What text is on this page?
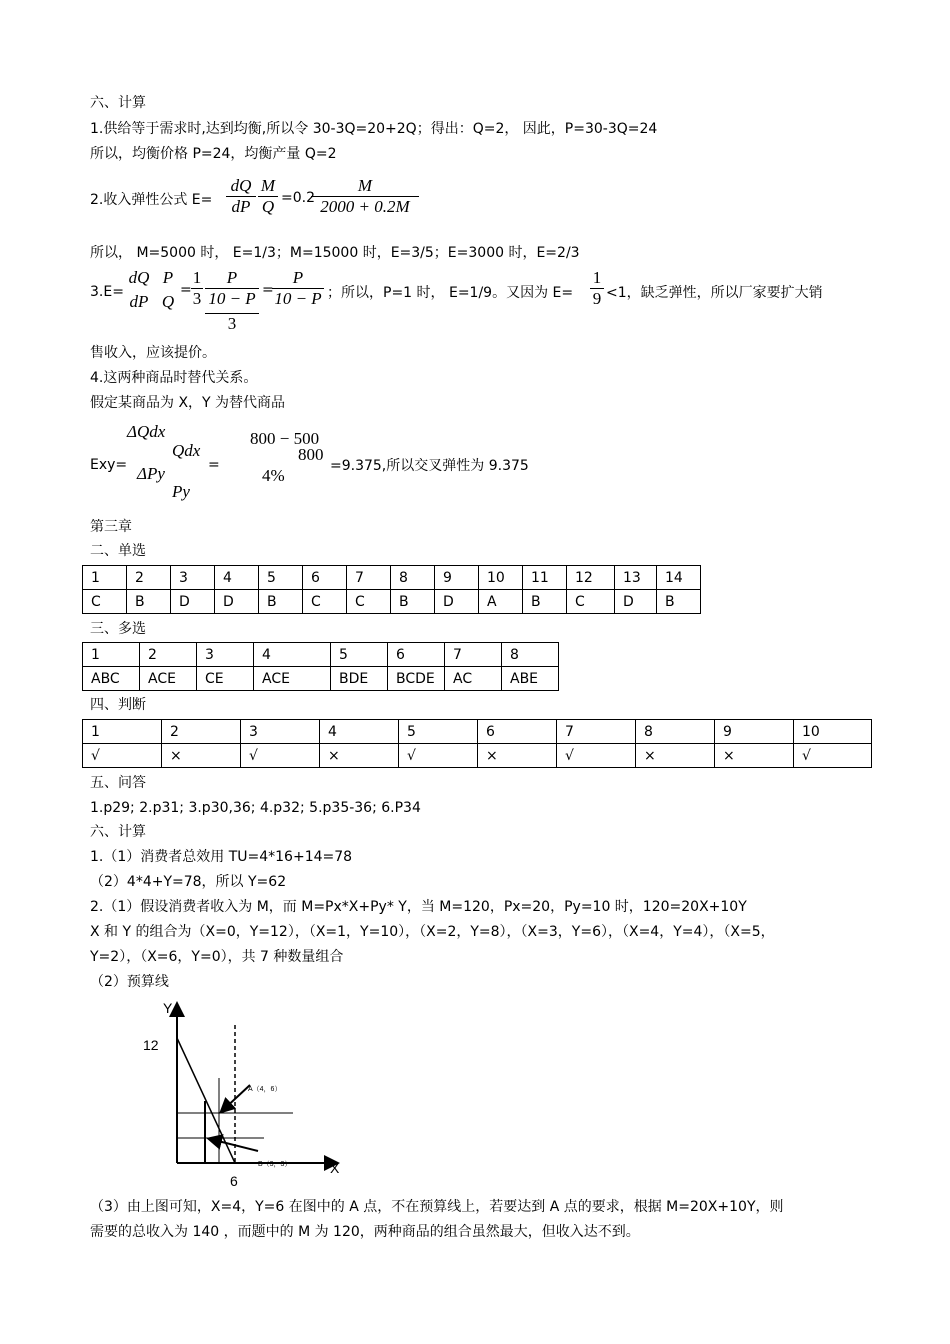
六、计算
1.供给等于需求时,达到均衡,所以令 30-3Q=20+2Q；得出：Q=2， 因此，P=30-3Q=24
所以，均衡价格 P=24，均衡产量 Q=2
2.收入弹性公式 $E= \frac{dQ}{dP} \frac{M}{Q} =0.2$
$\frac{M}{2000 + 0.2M}$
所以， M=5000 时， E=1/3；M=15000 时，E=3/5；E=3000 时，E=2/3
3.E=
dQ
dP
P
Q
= $\frac{1}{3}$	P
10 − P
3
=
$\frac{P}{10 - P}$ ；所以，P=1 时， E=1/9。又因为 $E= \frac{1}{9} <1$，缺乏弹性，所以厂家要扩大销
售收入，应该提价。
4.这两种商品时替代关系。
假定某商品为 X，Y 为替代商品
Exy=
ΔQdx
Qdx
ΔPy
Py
=
800 − 500
800
4%	=9.375,所以交叉弹性为 9.375
第三章
二、单选
1	2	3	4	5	6	7	8	9	10	11	12	13	14
C	B	D	D	B	C	C	B	D	A	B	C	D	B
三、多选
1	2	3	4	5	6	7	8
ABC	ACE	CE	ACE	BDE	BCDE	AC	ABE
四、判断
1	2	3	4	5	6	7	8	9	10
√	×	√	×	√	×	√	×	×	√
五、问答
1.p29; 2.p31; 3.p30,36; 4.p32; 5.p35-36; 6.P34
六、计算
1.（1）消费者总效用 TU=4*16+14=78
（2）4*4+Y=78，所以 Y=62
2.（1）假设消费者收入为 M，而 M=Px*X+Py* Y，当 M=120，Px=20，Py=10 时，120=20X+10Y
X 和 Y 的组合为（X=0，Y=12），（X=1，Y=10），（X=2，Y=8），（X=3，Y=6），（X=4，Y=4），（X=5，
Y=2），（X=6，Y=0），共 7 种数量组合
（2）预算线
Y
X
12
6
A（4，6）
B（3，3）
（3）由上图可知，X=4，Y=6 在图中的 A 点，不在预算线上，若要达到 A 点的要求，根据 M=20X+10Y，则
需要的总收入为 140 ，而题中的 M 为 120，两种商品的组合虽然最大，但收入达不到。
